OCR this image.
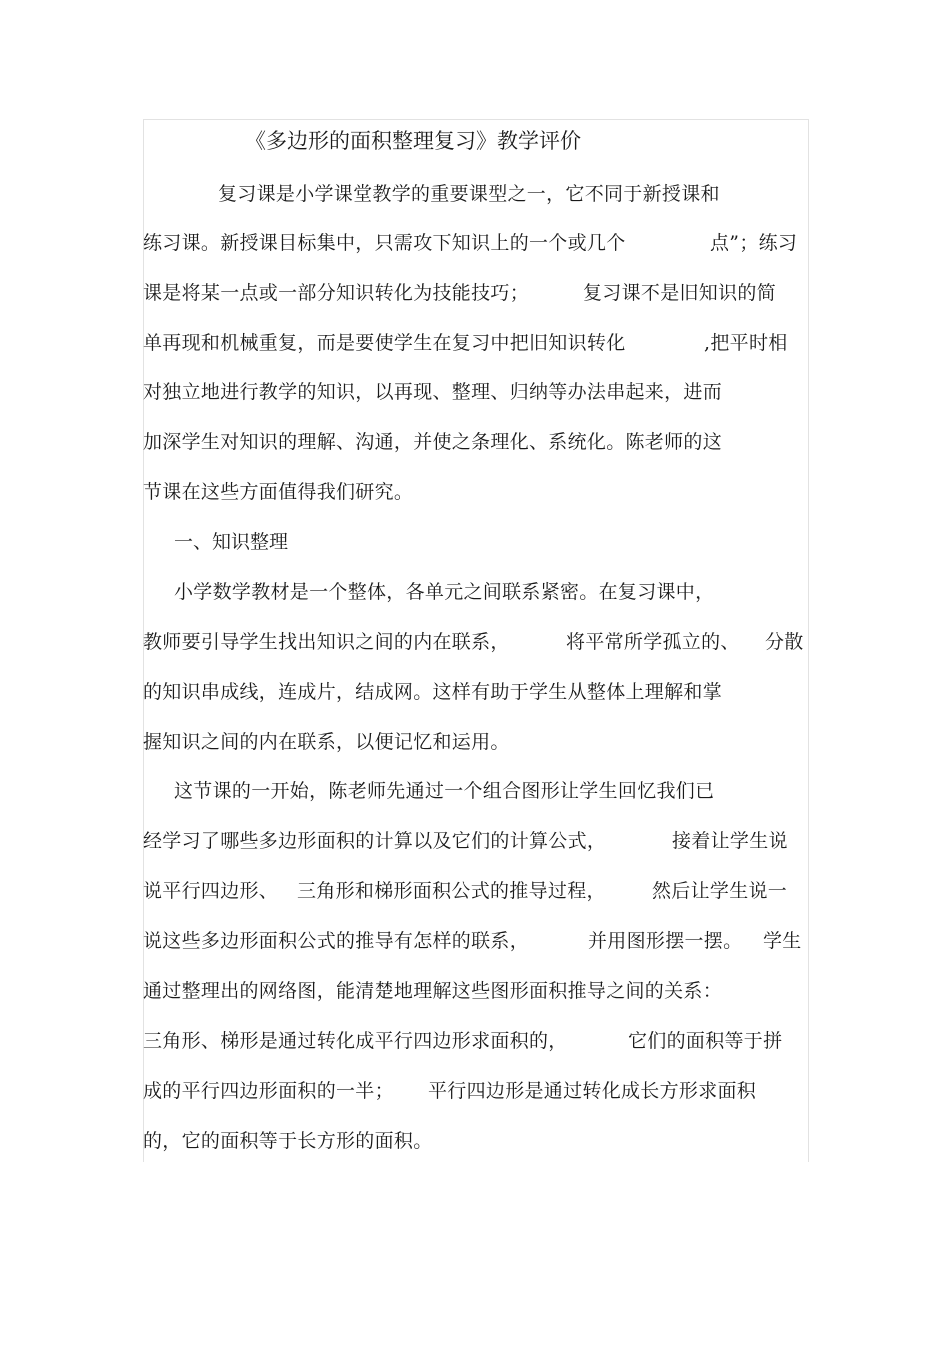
《多边形的面积整理复习》教学评价
复习课是小学课堂教学的重要课型之一，它不同于新授课和
练习课。新授课目标集中，只需攻下知识上的一个或几个	点”；练习
课是将某一点或一部分知识转化为技能技巧；	复习课不是旧知识的简
单再现和机械重复，而是要使学生在复习中把旧知识转化	,把平时相
对独立地进行教学的知识，以再现、整理、归纳等办法串起来，进而
加深学生对知识的理解、沟通，并使之条理化、系统化。陈老师的这
节课在这些方面值得我们研究。
一、知识整理
小学数学教材是一个整体，各单元之间联系紧密。在复习课中，
教师要引导学生找出知识之间的内在联系，	将平常所学孤立的、 分散
的知识串成线，连成片，结成网。这样有助于学生从整体上理解和掌
握知识之间的内在联系，以便记忆和运用。
这节课的一开始，陈老师先通过一个组合图形让学生回忆我们已
经学习了哪些多边形面积的计算以及它们的计算公式，	接着让学生说
说平行四边形、 三角形和梯形面积公式的推导过程， 然后让学生说一
说这些多边形面积公式的推导有怎样的联系，	并用图形摆一摆。 学生
通过整理出的网络图，能清楚地理解这些图形面积推导之间的关系：
三角形、梯形是通过转化成平行四边形求面积的，	它们的面积等于拼
成的平行四边形面积的一半； 平行四边形是通过转化成长方形求面积
的，它的面积等于长方形的面积。
